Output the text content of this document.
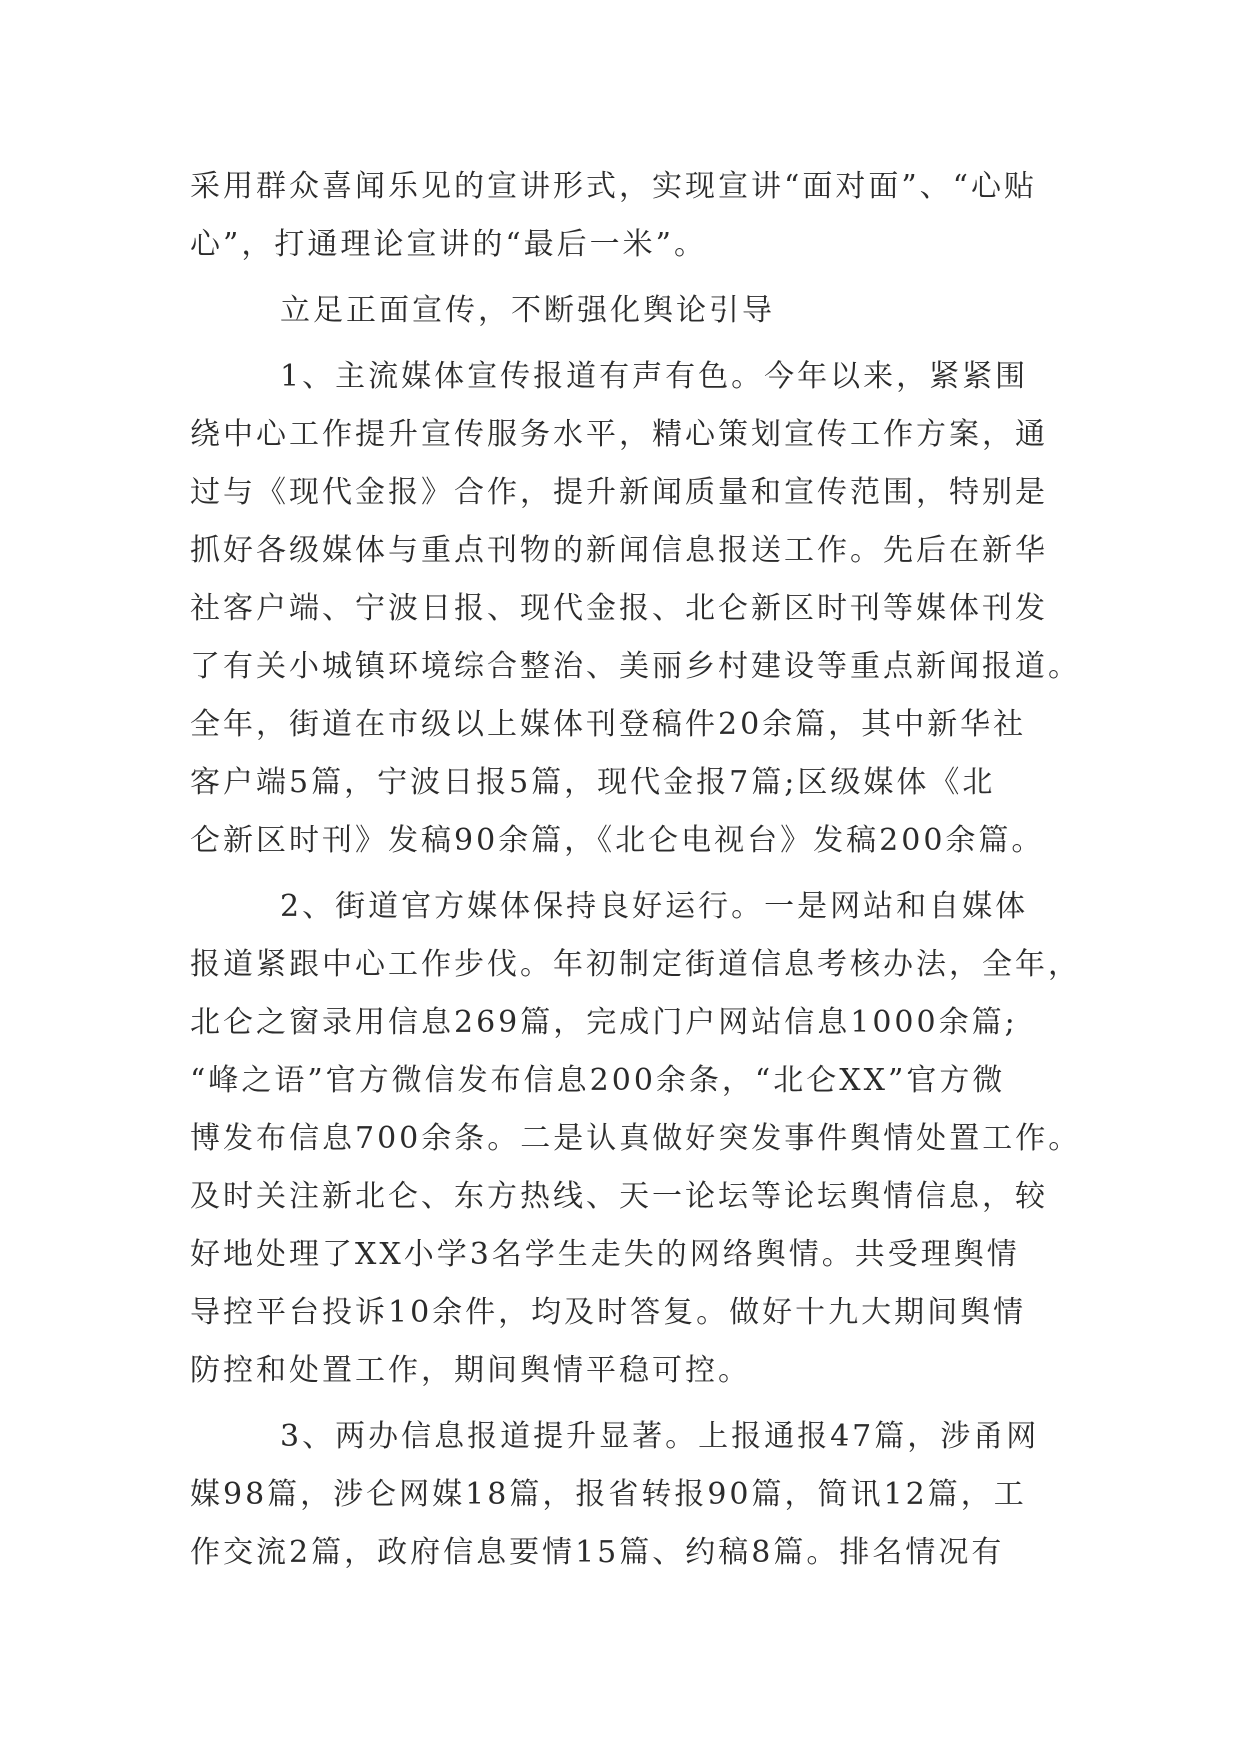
采用群众喜闻乐见的宣讲形式，实现宣讲“面对面”、“心贴
心”，打通理论宣讲的“最后一米”。
立足正面宣传，不断强化舆论引导
1、主流媒体宣传报道有声有色。今年以来，紧紧围
绕中心工作提升宣传服务水平，精心策划宣传工作方案，通
过与《现代金报》合作，提升新闻质量和宣传范围，特别是
抓好各级媒体与重点刊物的新闻信息报送工作。先后在新华
社客户端、宁波日报、现代金报、北仑新区时刊等媒体刊发
了有关小城镇环境综合整治、美丽乡村建设等重点新闻报道。
全年，街道在市级以上媒体刊登稿件20余篇，其中新华社
客户端5篇，宁波日报5篇，现代金报7篇;区级媒体《北
仑新区时刊》发稿90余篇，《北仑电视台》发稿200余篇。
2、街道官方媒体保持良好运行。一是网站和自媒体
报道紧跟中心工作步伐。年初制定街道信息考核办法，全年，
北仑之窗录用信息269篇，完成门户网站信息1000余篇;
“峰之语”官方微信发布信息200余条，“北仑XX”官方微
博发布信息700余条。二是认真做好突发事件舆情处置工作。
及时关注新北仑、东方热线、天一论坛等论坛舆情信息，较
好地处理了XX小学3名学生走失的网络舆情。共受理舆情
导控平台投诉10余件，均及时答复。做好十九大期间舆情
防控和处置工作，期间舆情平稳可控。
3、两办信息报道提升显著。上报通报47篇，涉甬网
媒98篇，涉仑网媒18篇，报省转报90篇，简讯12篇，工
作交流2篇，政府信息要情15篇、约稿8篇。排名情况有
